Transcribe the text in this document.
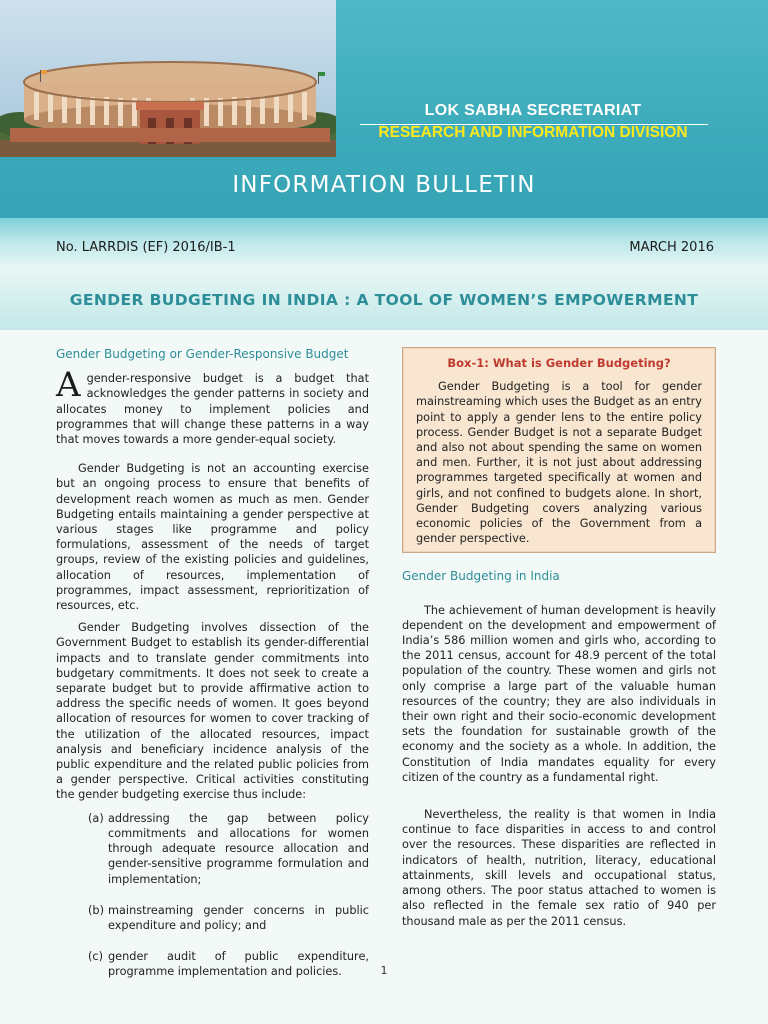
LOK SABHA SECRETARIAT
RESEARCH AND INFORMATION DIVISION
INFORMATION BULLETIN
No. LARRDIS (EF) 2016/IB-1	MARCH 2016
GENDER BUDGETING IN INDIA : A TOOL OF WOMEN’S EMPOWERMENT
Gender Budgeting or Gender-Responsive Budget

Agender-responsive budget is a budget that acknowledges the gender patterns in society and allocates money to implement policies and programmes that will change these patterns in a way that moves towards a more gender-equal society.

Gender Budgeting is not an accounting exercise but an ongoing process to ensure that benefits of development reach women as much as men. Gender Budgeting entails maintaining a gender perspective at various stages like programme and policy formulations, assessment of the needs of target groups, review of the existing policies and guidelines, allocation of resources, implementation of programmes, impact assessment, reprioritization of resources, etc.

Gender Budgeting involves dissection of the Government Budget to establish its gender-differential impacts and to translate gender commitments into budgetary commitments. It does not seek to create a separate budget but to provide affirmative action to address the specific needs of women. It goes beyond allocation of resources for women to cover tracking of the utilization of the allocated resources, impact analysis and beneficiary incidence analysis of the public expenditure and the related public policies from a gender perspective. Critical activities constituting the gender budgeting exercise thus include:

(a) addressing the gap between policy commitments and allocations for women through adequate resource allocation and gender-sensitive programme formulation and implementation;
(b) mainstreaming gender concerns in public expenditure and policy; and
(c) gender audit of public expenditure, programme implementation and policies.
Box-1: What is Gender Budgeting?

Gender Budgeting is a tool for gender mainstreaming which uses the Budget as an entry point to apply a gender lens to the entire policy process. Gender Budget is not a separate Budget and also not about spending the same on women and men. Further, it is not just about addressing programmes targeted specifically at women and girls, and not confined to budgets alone. In short, Gender Budgeting covers analyzing various economic policies of the Government from a gender perspective.

Gender Budgeting in India

The achievement of human development is heavily dependent on the development and empowerment of India’s 586 million women and girls who, according to the 2011 census, account for 48.9 percent of the total population of the country. These women and girls not only comprise a large part of the valuable human resources of the country; they are also individuals in their own right and their socio-economic development sets the foundation for sustainable growth of the economy and the society as a whole. In addition, the Constitution of India mandates equality for every citizen of the country as a fundamental right.

Nevertheless, the reality is that women in India continue to face disparities in access to and control over the resources. These disparities are reflected in indicators of health, nutrition, literacy, educational attainments, skill levels and occupational status, among others. The poor status attached to women is also reflected in the female sex ratio of 940 per thousand male as per the 2011 census.

1
